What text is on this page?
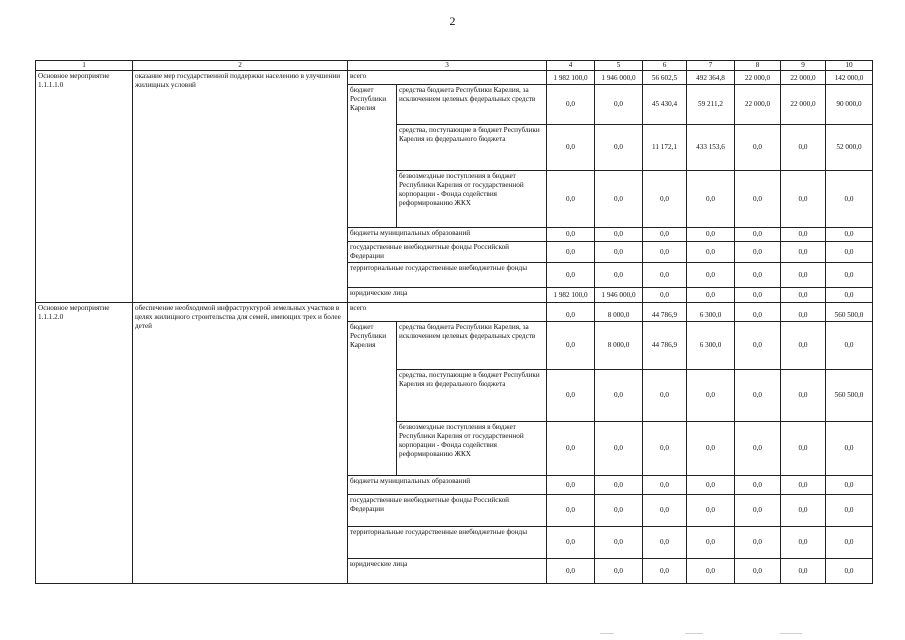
2
1	2	3		4	5	6	7	8	9	10
Основное мероприятие 1.1.1.1.0	оказание мер государственной поддержки населению в улучшении жилищных условий	всего		1 982 100,0	1 946 000,0	56 602,5	492 364,8	22 000,0	22 000,0	142 000,0
		бюджет Республики Карелия	средства бюджета Республики Карелия, за исключением целевых федеральных средств	0,0	0,0	45 430,4	59 211,2	22 000,0	22 000,0	90 000,0
			средства, поступающие в бюджет Республики Карелия из федерального бюджета	0,0	0,0	11 172,1	433 153,6	0,0	0,0	52 000,0
			безвозмездные поступления в бюджет Республики Карелия от государственной корпорации - Фонда содействия реформированию ЖКХ	0,0	0,0	0,0	0,0	0,0	0,0	0,0
		бюджеты муниципальных образований		0,0	0,0	0,0	0,0	0,0	0,0	0,0
		государственные внебюджетные фонды Российской Федерации		0,0	0,0	0,0	0,0	0,0	0,0	0,0
		территориальные государственные внебюджетные фонды		0,0	0,0	0,0	0,0	0,0	0,0	0,0
		юридические лица		1 982 100,0	1 946 000,0	0,0	0,0	0,0	0,0	0,0
Основное мероприятие 1.1.1.2.0	обеспечение необходимой инфраструктурой земельных участков в целях жилищного строительства для семей, имеющих трех и более детей	всего		0,0	8 000,0	44 786,9	6 300,0	0,0	0,0	560 500,0
		бюджет Республики Карелия	средства бюджета Республики Карелия, за исключением целевых федеральных средств	0,0	8 000,0	44 786,9	6 300,0	0,0	0,0	0,0
			средства, поступающие в бюджет Республики Карелия из федерального бюджета	0,0	0,0	0,0	0,0	0,0	0,0	560 500,0
			безвозмездные поступления в бюджет Республики Карелия от государственной корпорации - Фонда содействия реформированию ЖКХ	0,0	0,0	0,0	0,0	0,0	0,0	0,0
		бюджеты муниципальных образований		0,0	0,0	0,0	0,0	0,0	0,0	0,0
		государственные внебюджетные фонды Российской Федерации		0,0	0,0	0,0	0,0	0,0	0,0	0,0
		территориальные государственные внебюджетные фонды		0,0	0,0	0,0	0,0	0,0	0,0	0,0
		юридические лица		0,0	0,0	0,0	0,0	0,0	0,0	0,0
